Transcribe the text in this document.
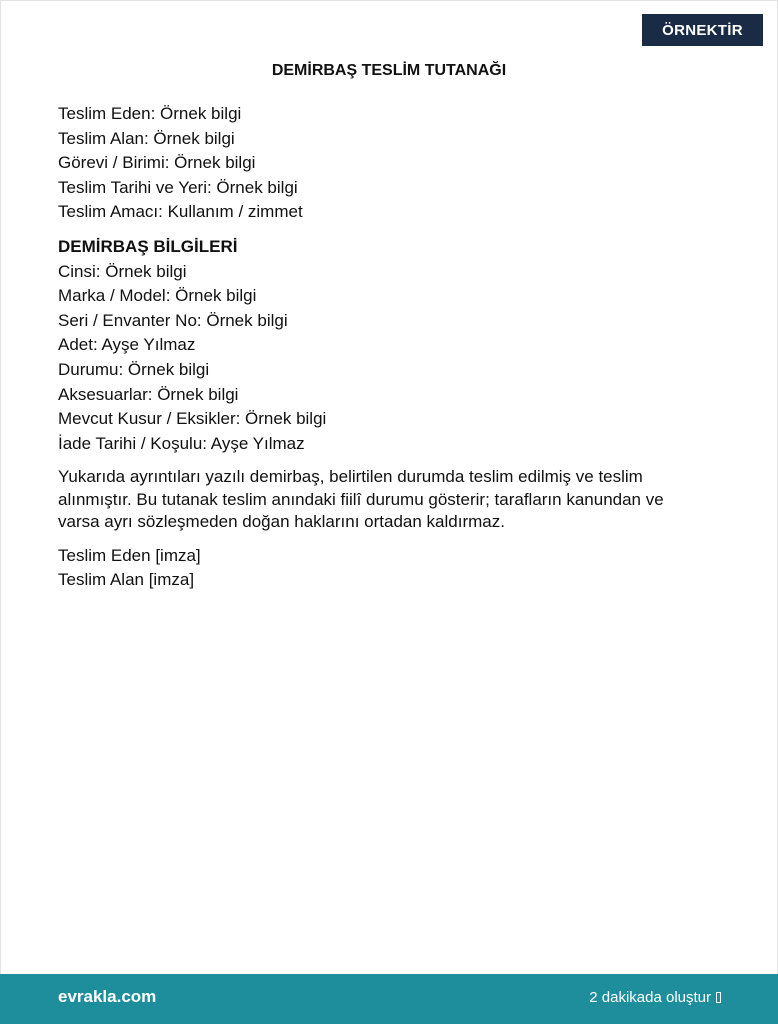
ÖRNEKTİR
DEMİRBAŞ TESLİM TUTANAĞI
Teslim Eden: Örnek bilgi
Teslim Alan: Örnek bilgi
Görevi / Birimi: Örnek bilgi
Teslim Tarihi ve Yeri: Örnek bilgi
Teslim Amacı: Kullanım / zimmet
DEMİRBAŞ BİLGİLERİ
Cinsi: Örnek bilgi
Marka / Model: Örnek bilgi
Seri / Envanter No: Örnek bilgi
Adet: Ayşe Yılmaz
Durumu: Örnek bilgi
Aksesuarlar: Örnek bilgi
Mevcut Kusur / Eksikler: Örnek bilgi
İade Tarihi / Koşulu: Ayşe Yılmaz
Yukarıda ayrıntıları yazılı demirbaş, belirtilen durumda teslim edilmiş ve teslim
alınmıştır. Bu tutanak teslim anındaki fiilî durumu gösterir; tarafların kanundan ve
varsa ayrı sözleşmeden doğan haklarını ortadan kaldırmaz.
Teslim Eden [imza]
Teslim Alan [imza]
evrakla.com	2 dakikada oluştur
